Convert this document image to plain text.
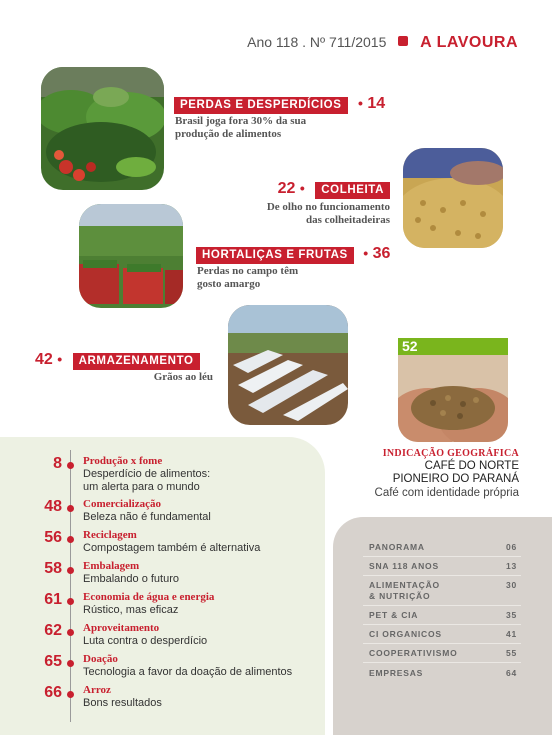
Ano 118 . Nº 711/2015 A LAVOURA
PERDAS E DESPERDÍCIOS • 14
Brasil joga fora 30% da sua
produção de alimentos
22 • COLHEITA
De olho no funcionamento
das colheitadeiras
HORTALIÇAS E FRUTAS • 36
Perdas no campo têm
gosto amargo
42 • ARMAZENAMENTO
Grãos ao léu
52
INDICAÇÃO GEOGRÁFICA
CAFÉ DO NORTE
PIONEIRO DO PARANÁ
Café com identidade própria
8 Produção x fome
Desperdício de alimentos:
um alerta para o mundo
48 Comercialização
Beleza não é fundamental
56 Reciclagem
Compostagem também é alternativa
58 Embalagem
Embalando o futuro
61 Economia de água e energia
Rústico, mas eficaz
62 Aproveitamento
Luta contra o desperdício
65 Doação
Tecnologia a favor da doação de alimentos
66 Arroz
Bons resultados
PANORAMA	06
SNA 118 ANOS	13
ALIMENTAÇÃO
& NUTRIÇÃO
30
PET & CIA	35
CI ORGANICOS	41
COOPERATIVISMO	55
EMPRESAS	64
